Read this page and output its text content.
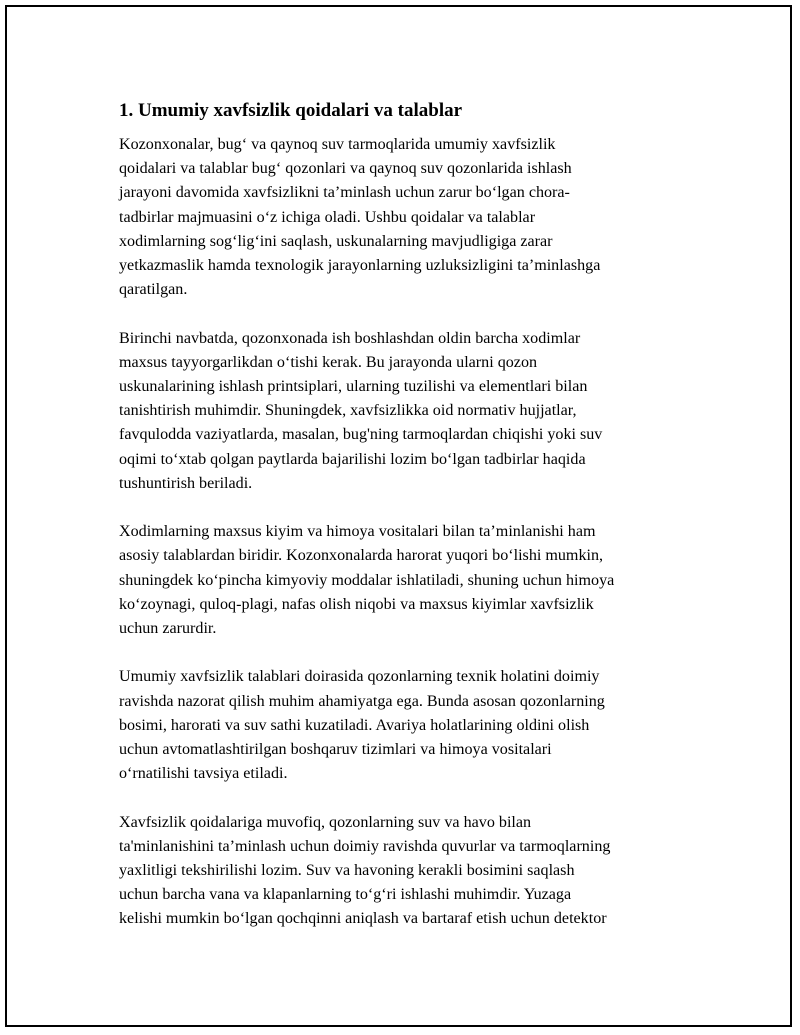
1. Umumiy xavfsizlik qoidalari va talablar

Kozonxonalar, bug‘ va qaynoq suv tarmoqlarida umumiy xavfsizlik
qoidalari va talablar bug‘ qozonlari va qaynoq suv qozonlarida ishlash
jarayoni davomida xavfsizlikni ta’minlash uchun zarur bo‘lgan chora-
tadbirlar majmuasini o‘z ichiga oladi. Ushbu qoidalar va talablar
xodimlarning sog‘lig‘ini saqlash, uskunalarning mavjudligiga zarar
yetkazmaslik hamda texnologik jarayonlarning uzluksizligini ta’minlashga
qaratilgan.

Birinchi navbatda, qozonxonada ish boshlashdan oldin barcha xodimlar
maxsus tayyorgarlikdan o‘tishi kerak. Bu jarayonda ularni qozon
uskunalarining ishlash printsiplari, ularning tuzilishi va elementlari bilan
tanishtirish muhimdir. Shuningdek, xavfsizlikka oid normativ hujjatlar,
favqulodda vaziyatlarda, masalan, bug'ning tarmoqlardan chiqishi yoki suv
oqimi to‘xtab qolgan paytlarda bajarilishi lozim bo‘lgan tadbirlar haqida
tushuntirish beriladi.

Xodimlarning maxsus kiyim va himoya vositalari bilan ta’minlanishi ham
asosiy talablardan biridir. Kozonxonalarda harorat yuqori bo‘lishi mumkin,
shuningdek ko‘pincha kimyoviy moddalar ishlatiladi, shuning uchun himoya
ko‘zoynagi, quloq-plagi, nafas olish niqobi va maxsus kiyimlar xavfsizlik
uchun zarurdir.

Umumiy xavfsizlik talablari doirasida qozonlarning texnik holatini doimiy
ravishda nazorat qilish muhim ahamiyatga ega. Bunda asosan qozonlarning
bosimi, harorati va suv sathi kuzatiladi. Avariya holatlarining oldini olish
uchun avtomatlashtirilgan boshqaruv tizimlari va himoya vositalari
o‘rnatilishi tavsiya etiladi.

Xavfsizlik qoidalariga muvofiq, qozonlarning suv va havo bilan
ta'minlanishini ta’minlash uchun doimiy ravishda quvurlar va tarmoqlarning
yaxlitligi tekshirilishi lozim. Suv va havoning kerakli bosimini saqlash
uchun barcha vana va klapanlarning to‘g‘ri ishlashi muhimdir. Yuzaga
kelishi mumkin bo‘lgan qochqinni aniqlash va bartaraf etish uchun detektor
